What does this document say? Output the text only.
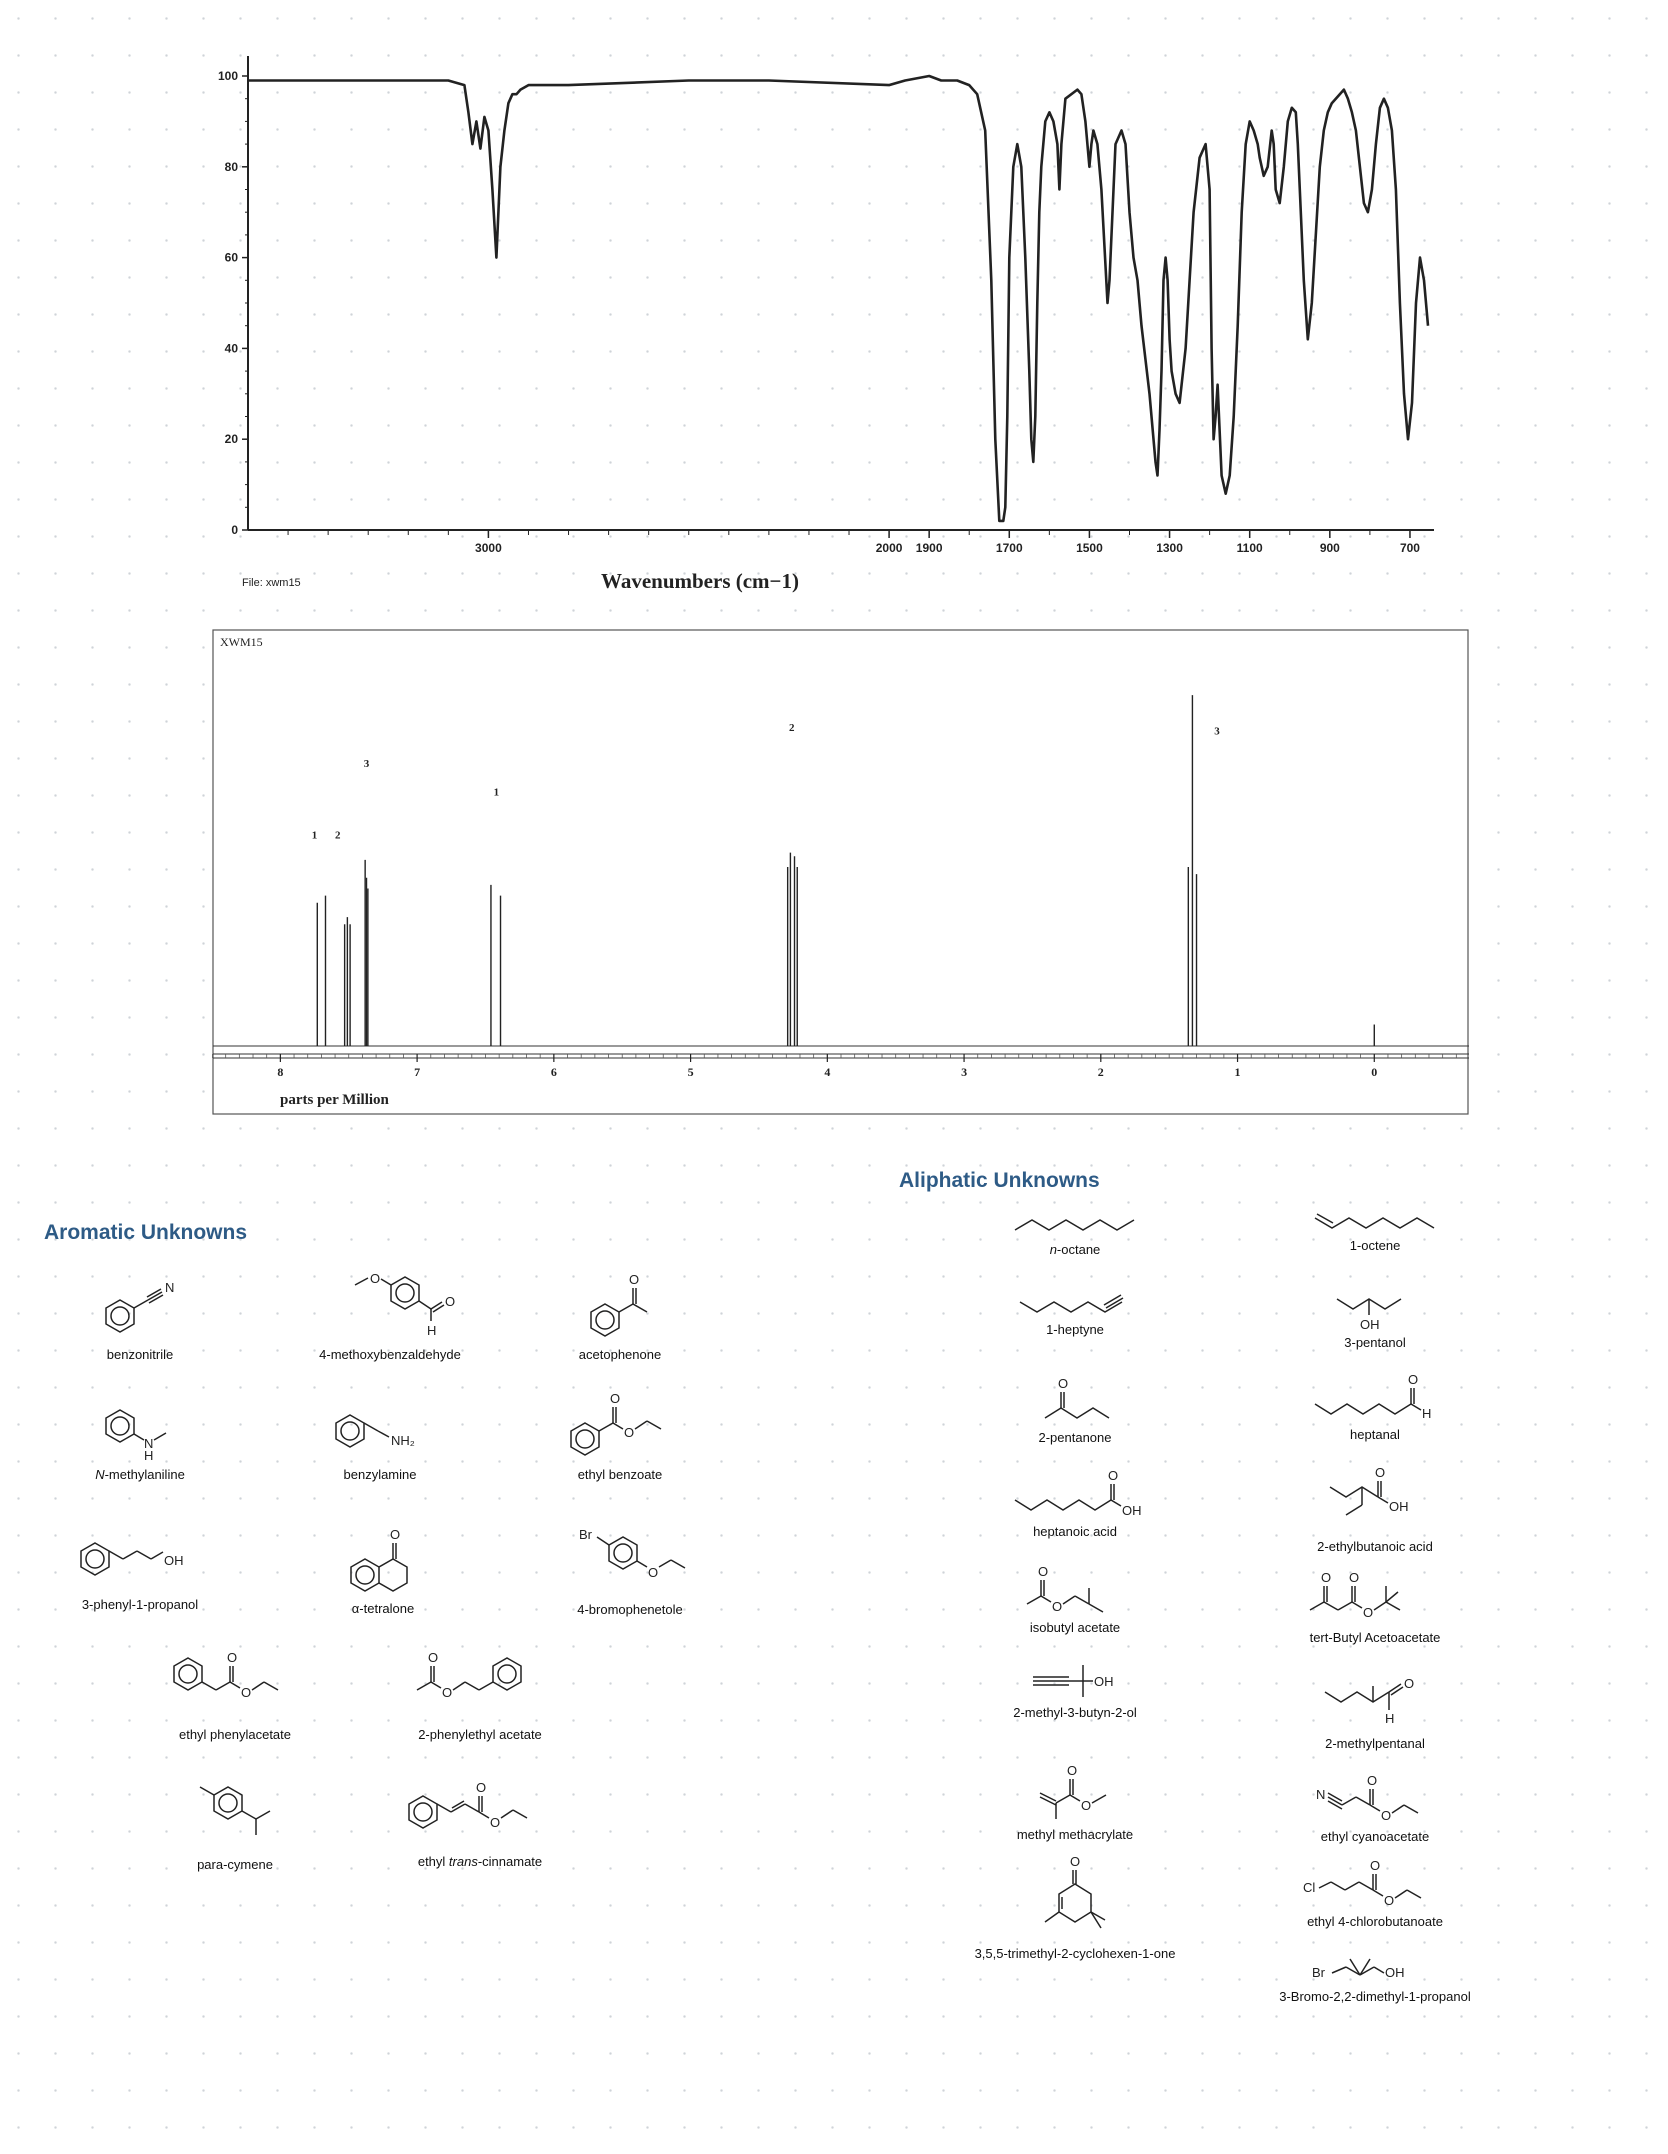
100
80
60
40
20
0
3000	2000 1900	1700	1500	1300	1100	900	700
File: xwm15	Wavenumbers (cm−1)
XWM15
8	7	6	5	4	3	2	1	0
1 2
3
1
2	3
parts per Million
Aromatic Unknowns
Aliphatic Unknowns
N
benzonitrile
O
O
H
4-methoxybenzaldehyde
O
acetophenone
N
H
N-methylaniline
NH₂
benzylamine
O
O
ethyl benzoate
OH
3-phenyl-1-propanol
O
α-tetralone
Br
O
4-bromophenetole
O
O
ethyl phenylacetate
O
O
2-phenylethyl acetate
para-cymene
O
O
ethyl trans-cinnamate
n-octane	1-octene
1-heptyne	OH
3-pentanol
O
2-pentanone
O
H
heptanal
O
OH
heptanoic acid
O
OH
2-ethylbutanoic acid
O
O
isobutyl acetate
O O
O
tert-Butyl Acetoacetate
OH
2-methyl-3-butyn-2-ol
O
H
2-methylpentanal
O
O
methyl methacrylate
N
O
O
ethyl cyanoacetate
O
3,5,5-trimethyl-2-cyclohexen-1-one
Cl
O
O
ethyl 4-chlorobutanoate
Br	OH
3-Bromo-2,2-dimethyl-1-propanol
